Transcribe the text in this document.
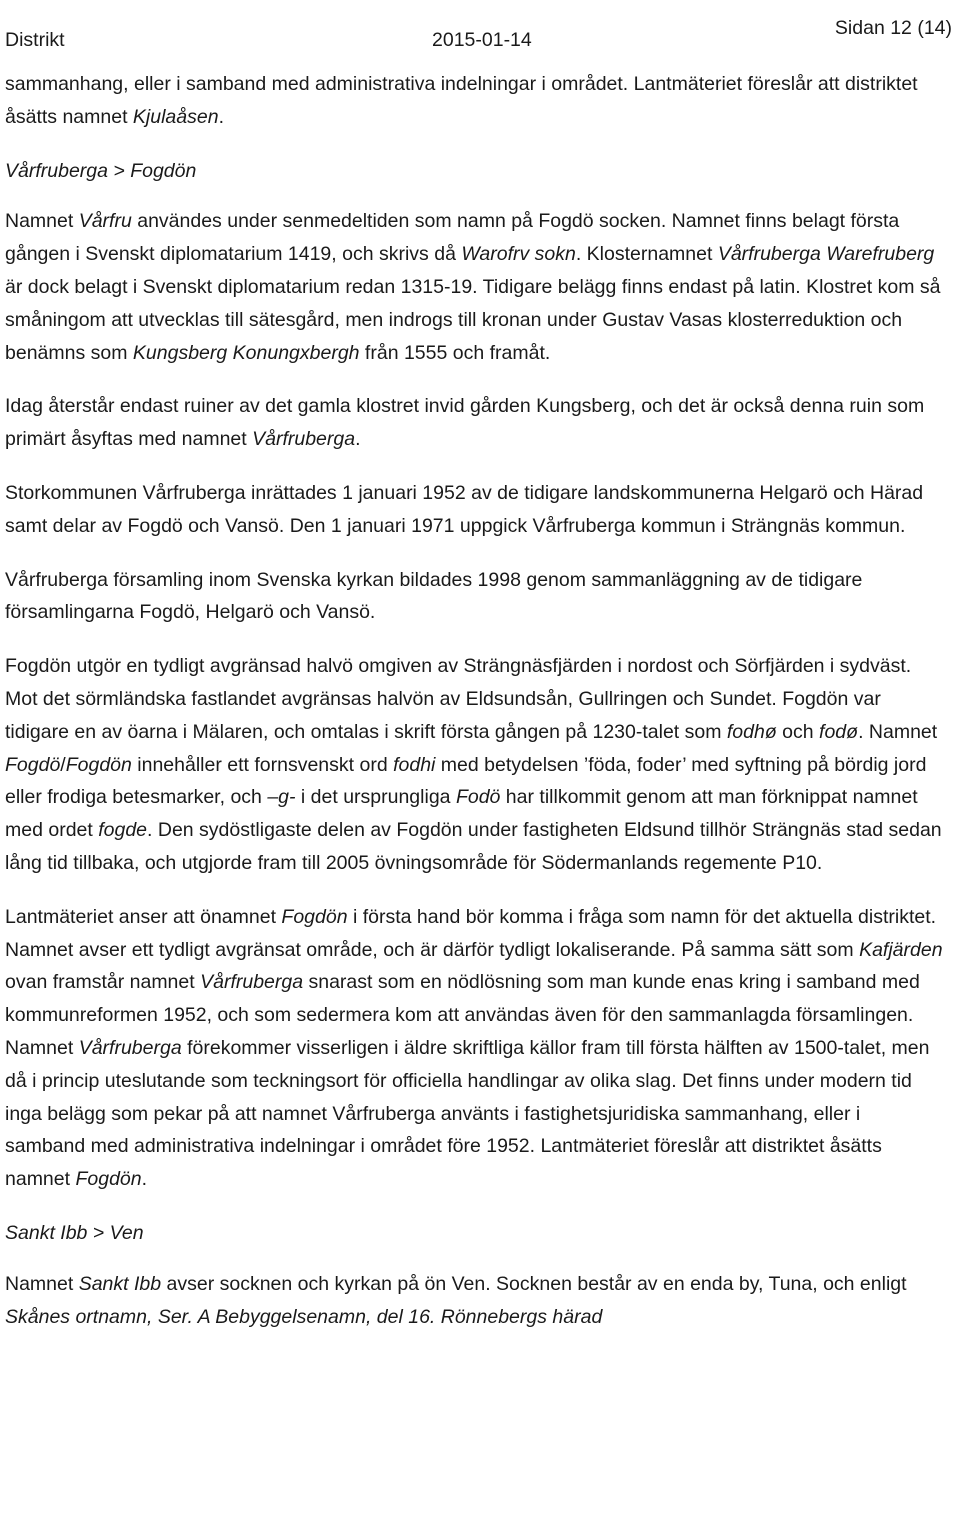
Distrikt	2015-01-14
Sidan 12 (14)

sammanhang, eller i samband med administrativa indelningar i området. Lantmäteriet föreslår att distriktet åsätts namnet Kjulaåsen.

Vårfruberga > Fogdön

Namnet Vårfru användes under senmedeltiden som namn på Fogdö socken. Namnet finns belagt första gången i Svenskt diplomatarium 1419, och skrivs då Warofrv sokn. Klosternamnet Vårfruberga Warefruberg är dock belagt i Svenskt diplomatarium redan 1315-19. Tidigare belägg finns endast på latin. Klostret kom så småningom att utvecklas till sätesgård, men indrogs till kronan under Gustav Vasas klosterreduktion och benämns som Kungsberg Konungxbergh från 1555 och framåt.

Idag återstår endast ruiner av det gamla klostret invid gården Kungsberg, och det är också denna ruin som primärt åsyftas med namnet Vårfruberga.

Storkommunen Vårfruberga inrättades 1 januari 1952 av de tidigare landskommunerna Helgarö och Härad samt delar av Fogdö och Vansö. Den 1 januari 1971 uppgick Vårfruberga kommun i Strängnäs kommun.

Vårfruberga församling inom Svenska kyrkan bildades 1998 genom sammanläggning av de tidigare församlingarna Fogdö, Helgarö och Vansö.

Fogdön utgör en tydligt avgränsad halvö omgiven av Strängnäsfjärden i nordost och Sörfjärden i sydväst. Mot det sörmländska fastlandet avgränsas halvön av Eldsundsån, Gullringen och Sundet. Fogdön var tidigare en av öarna i Mälaren, och omtalas i skrift första gången på 1230-talet som fodhø och fodø. Namnet Fogdö/Fogdön innehåller ett fornsvenskt ord fodhi med betydelsen ’föda, foder’ med syftning på bördig jord eller frodiga betesmarker, och –g- i det ursprungliga Fodö har tillkommit genom att man förknippat namnet med ordet fogde. Den sydöstligaste delen av Fogdön under fastigheten Eldsund tillhör Strängnäs stad sedan lång tid tillbaka, och utgjorde fram till 2005 övningsområde för Södermanlands regemente P10.

Lantmäteriet anser att önamnet Fogdön i första hand bör komma i fråga som namn för det aktuella distriktet. Namnet avser ett tydligt avgränsat område, och är därför tydligt lokaliserande. På samma sätt som Kafjärden ovan framstår namnet Vårfruberga snarast som en nödlösning som man kunde enas kring i samband med kommunreformen 1952, och som sedermera kom att användas även för den sammanlagda församlingen. Namnet Vårfruberga förekommer visserligen i äldre skriftliga källor fram till första hälften av 1500-talet, men då i princip uteslutande som teckningsort för officiella handlingar av olika slag. Det finns under modern tid inga belägg som pekar på att namnet Vårfruberga använts i fastighetsjuridiska sammanhang, eller i samband med administrativa indelningar i området före 1952. Lantmäteriet föreslår att distriktet åsätts namnet Fogdön.

Sankt Ibb > Ven

Namnet Sankt Ibb avser socknen och kyrkan på ön Ven. Socknen består av en enda by, Tuna, och enligt Skånes ortnamn, Ser. A Bebyggelsenamn, del 16. Rönnebergs härad
